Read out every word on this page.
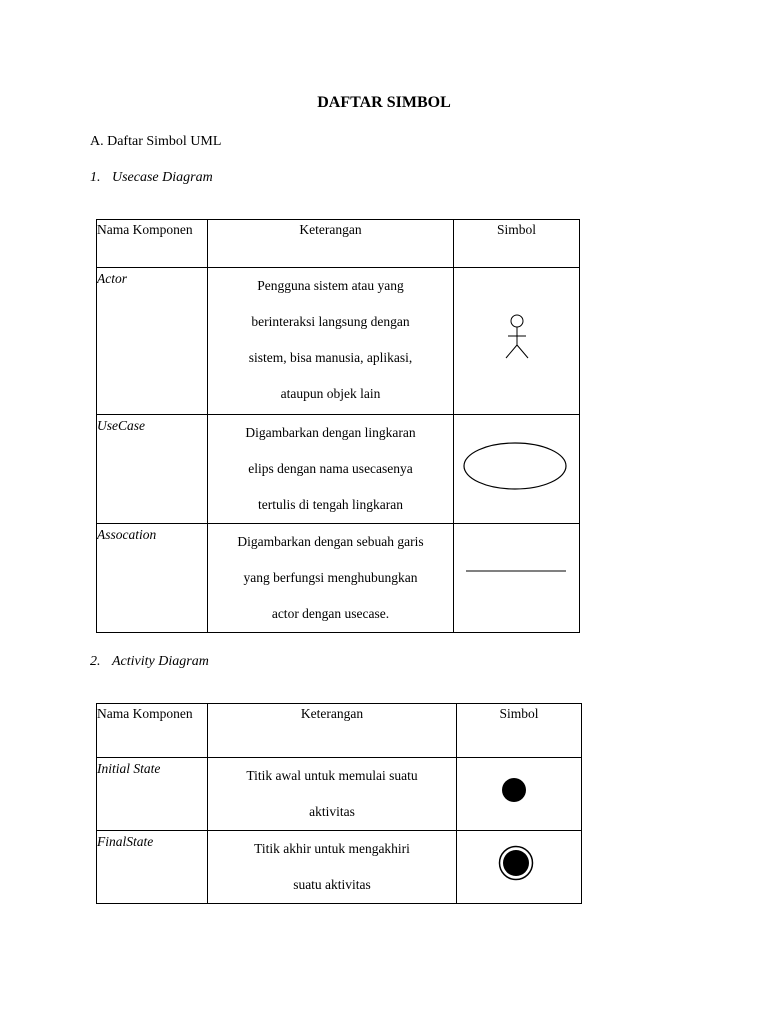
DAFTAR SIMBOL
A. Daftar Simbol UML
1. Usecase Diagram
Nama Komponen	Keterangan	Simbol
Actor	Pengguna sistem atau yang
berinteraksi langsung dengan
sistem, bisa manusia, aplikasi,
ataupun objek lain

UseCase	Digambarkan dengan lingkaran
elips dengan nama usecasenya
tertulis di tengah lingkaran

Assocation	Digambarkan dengan sebuah garis
yang berfungsi menghubungkan
actor dengan usecase.

2. Activity Diagram
Nama Komponen	Keterangan	Simbol
Initial State	Titik awal untuk memulai suatu
aktivitas

FinalState	Titik akhir untuk mengakhiri
suatu aktivitas
